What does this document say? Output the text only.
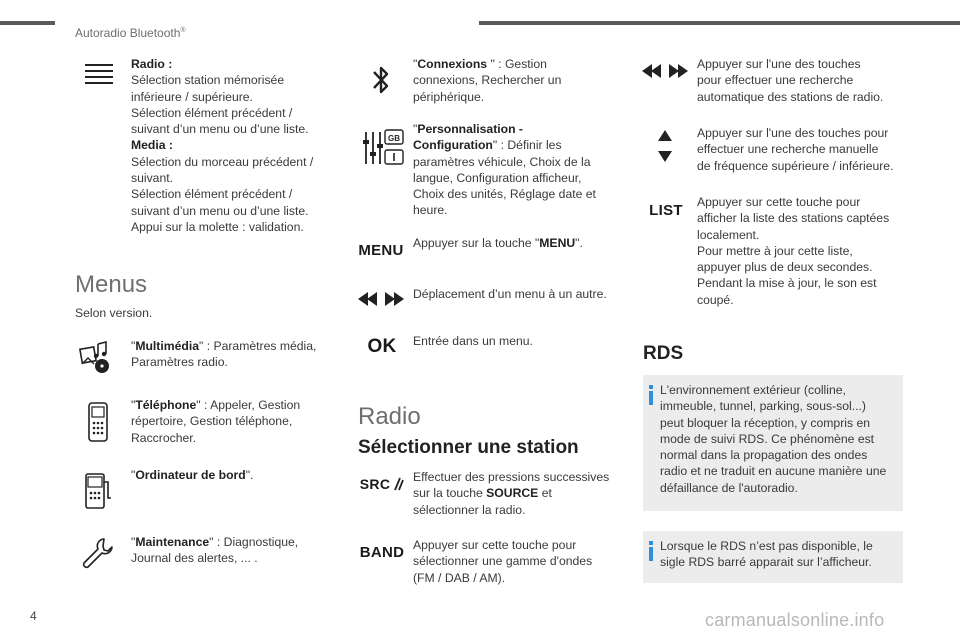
Autoradio Bluetooth®
Radio :
Sélection station mémorisée
inférieure / supérieure.
Sélection élément précédent /
suivant d’un menu ou d’une liste.
Media :
Sélection du morceau précédent /
suivant.
Sélection élément précédent /
suivant d’un menu ou d’une liste.
Appui sur la molette : validation.
Menus
Selon version.
"Multimédia" : Paramètres média,
Paramètres radio.
"Téléphone" : Appeler, Gestion
répertoire, Gestion téléphone,
Raccrocher.
"Ordinateur de bord".
"Maintenance" : Diagnostique,
Journal des alertes, ... .
"Connexions " : Gestion
connexions, Rechercher un
périphérique.
GB
"Personnalisation -
Configuration" : Définir les
paramètres véhicule, Choix de la
langue, Configuration afficheur,
Choix des unités, Réglage date et
heure.
MENU Appuyer sur la touche "MENU".
Déplacement d’un menu à un autre.
OK	Entrée dans un menu.
Radio
Sélectionner une station
SRC Effectuer des pressions successives
sur la touche SOURCE et
sélectionner la radio.
BAND Appuyer sur cette touche pour
sélectionner une gamme d'ondes
(FM / DAB / AM).
Appuyer sur l'une des touches
pour effectuer une recherche
automatique des stations de radio.
Appuyer sur l'une des touches pour
effectuer une recherche manuelle
de fréquence supérieure / inférieure.
LIST	Appuyer sur cette touche pour
afficher la liste des stations captées
localement.
Pour mettre à jour cette liste,
appuyer plus de deux secondes.
Pendant la mise à jour, le son est
coupé.
RDS
L'environnement extérieur (colline,
immeuble, tunnel, parking, sous-sol...)
peut bloquer la réception, y compris en
mode de suivi RDS. Ce phénomène est
normal dans la propagation des ondes
radio et ne traduit en aucune manière une
défaillance de l'autoradio.
Lorsque le RDS n’est pas disponible, le
sigle RDS barré apparait sur l’afficheur.
4	carmanualsonline.info
